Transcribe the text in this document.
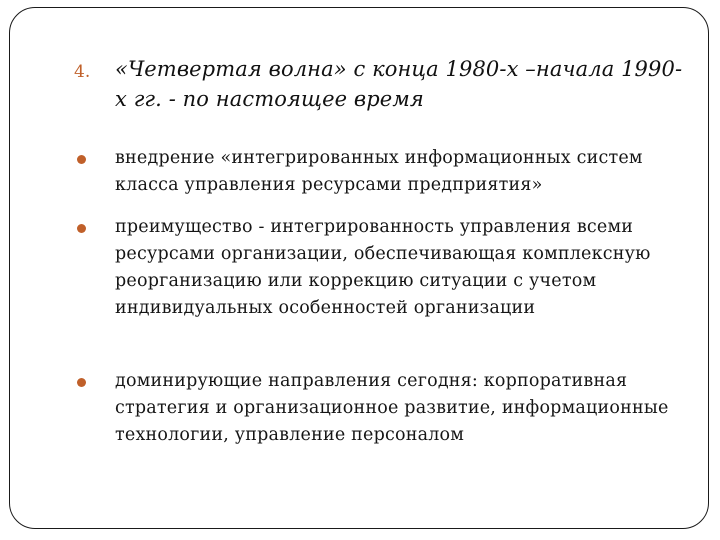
4. «Четвертая волна» с конца 1980-х –начала 1990-х гг. - по настоящее время
внедрение «интегрированных информационных систем класса управления ресурсами предприятия»
преимущество - интегрированность управления всеми ресурсами организации, обеспечивающая комплексную реорганизацию или коррекцию ситуации с учетом индивидуальных особенностей организации
доминирующие направления сегодня: корпоративная стратегия и организационное развитие, информационные технологии, управление персоналом
